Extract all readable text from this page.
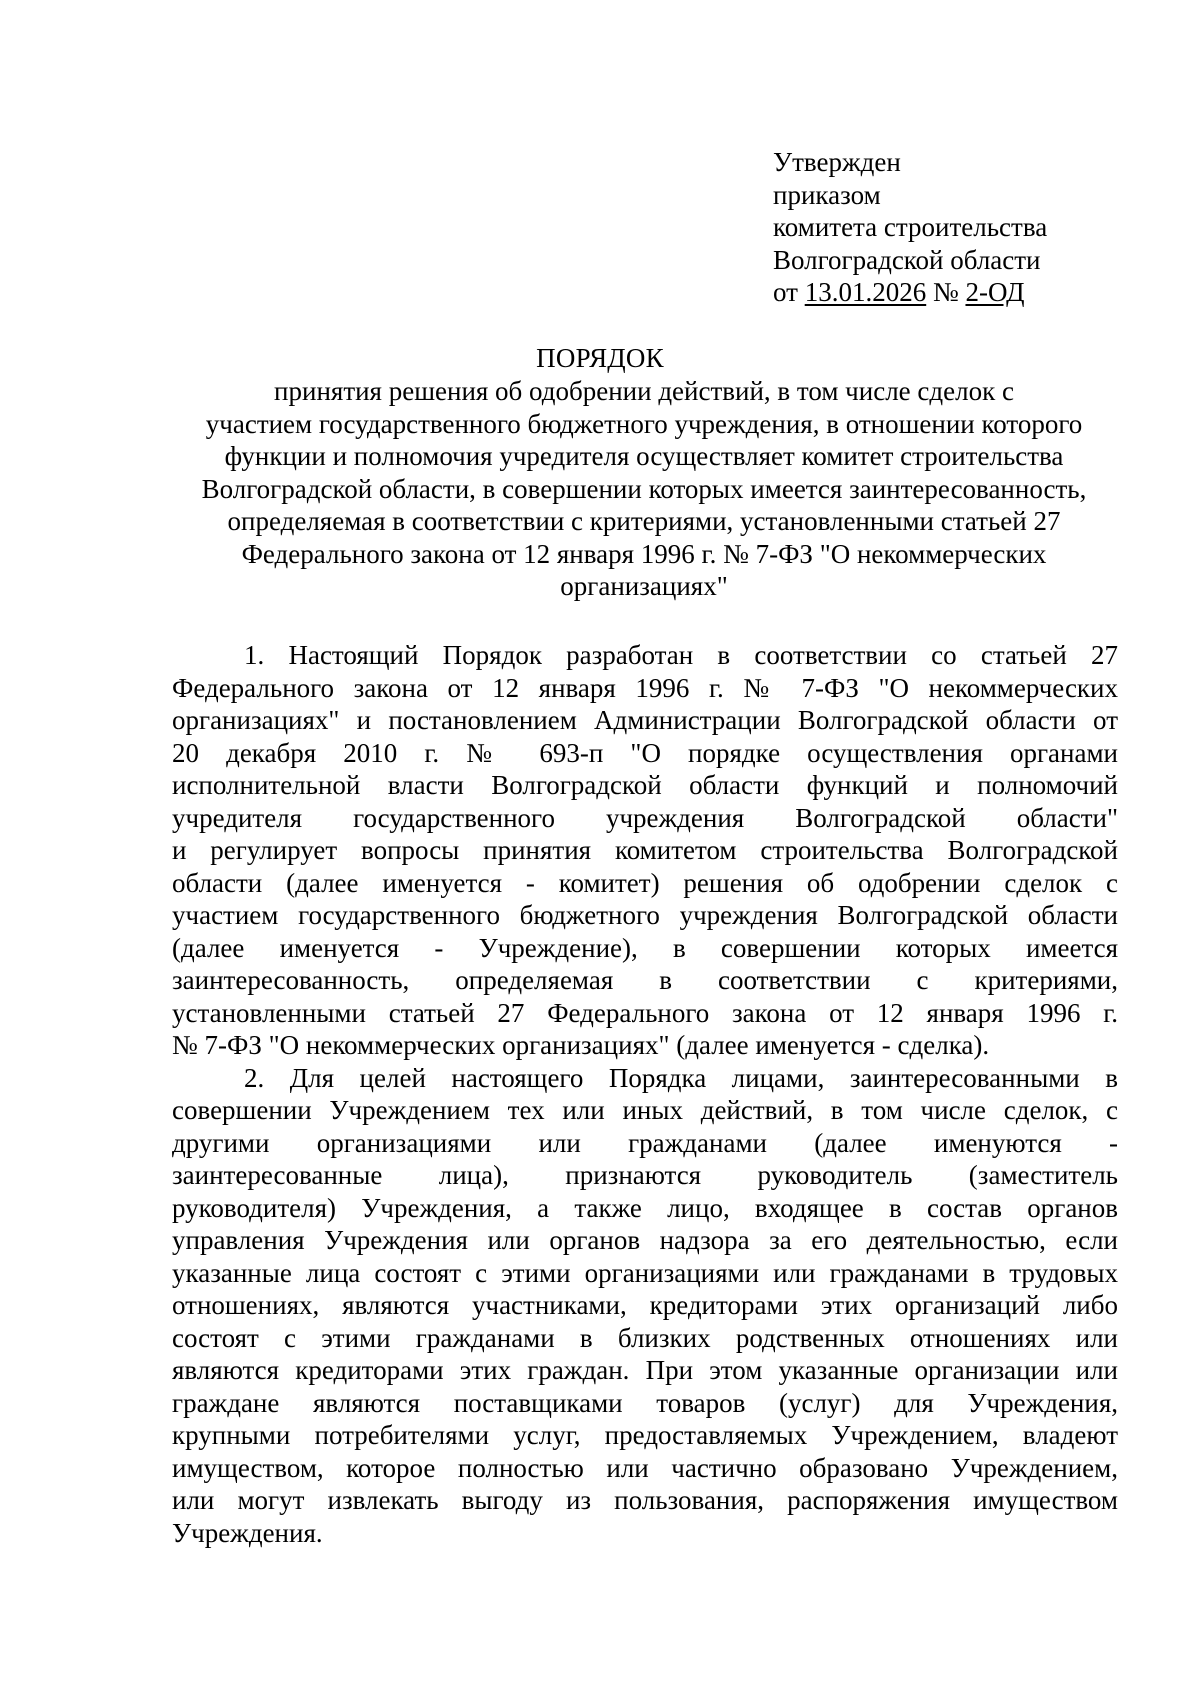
Утвержден
приказом
комитета строительства
Волгоградской области
от 13.01.2026 № 2-ОД
ПОРЯДОК
принятия решения об одобрении действий, в том числе сделок с
участием государственного бюджетного учреждения, в отношении которого
функции и полномочия учредителя осуществляет комитет строительства
Волгоградской области, в совершении которых имеется заинтересованность,
определяемая в соответствии с критериями, установленными статьей 27
Федерального закона от 12 января 1996 г. № 7-ФЗ "О некоммерческих
организациях"
1. Настоящий Порядок разработан в соответствии со статьей 27
Федерального закона от 12 января 1996 г. № 7-ФЗ "О некоммерческих
организациях" и постановлением Администрации Волгоградской области от
20 декабря 2010 г. № 693-п "О порядке осуществления органами
исполнительной власти Волгоградской области функций и полномочий
учредителя государственного учреждения Волгоградской области"
и регулирует вопросы принятия комитетом строительства Волгоградской
области (далее именуется - комитет) решения об одобрении сделок с
участием государственного бюджетного учреждения Волгоградской области
(далее именуется - Учреждение), в совершении которых имеется
заинтересованность, определяемая в соответствии с критериями,
установленными статьей 27 Федерального закона от 12 января 1996 г.
№ 7-ФЗ "О некоммерческих организациях" (далее именуется - сделка).
2. Для целей настоящего Порядка лицами, заинтересованными в
совершении Учреждением тех или иных действий, в том числе сделок, с
другими организациями или гражданами (далее именуются -
заинтересованные лица), признаются руководитель (заместитель
руководителя) Учреждения, а также лицо, входящее в состав органов
управления Учреждения или органов надзора за его деятельностью, если
указанные лица состоят с этими организациями или гражданами в трудовых
отношениях, являются участниками, кредиторами этих организаций либо
состоят с этими гражданами в близких родственных отношениях или
являются кредиторами этих граждан. При этом указанные организации или
граждане являются поставщиками товаров (услуг) для Учреждения,
крупными потребителями услуг, предоставляемых Учреждением, владеют
имуществом, которое полностью или частично образовано Учреждением,
или могут извлекать выгоду из пользования, распоряжения имуществом
Учреждения.
